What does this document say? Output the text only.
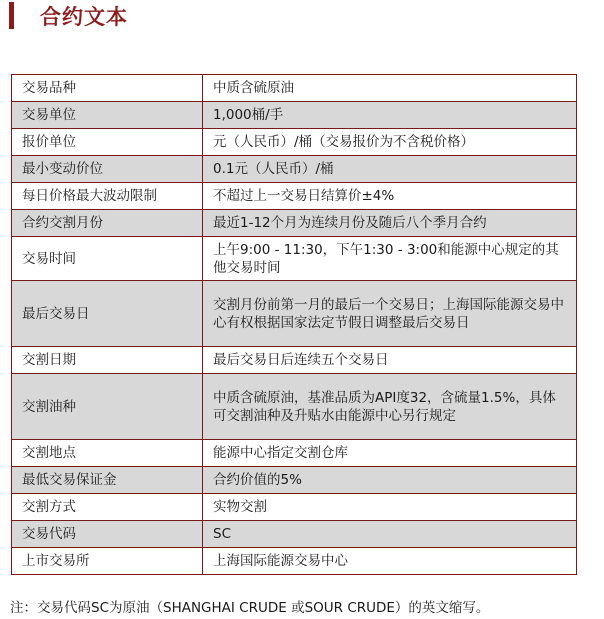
合约文本
交易品种	中质含硫原油
交易单位	1,000桶/手
报价单位	元（人民币）/桶（交易报价为不含税价格）
最小变动价位	0.1元（人民币）/桶
每日价格最大波动限制	不超过上一交易日结算价±4%
合约交割月份	最近1-12个月为连续月份及随后八个季月合约
交易时间	上午9:00 - 11:30，下午1:30 - 3:00和能源中心规定的其他交易时间
最后交易日	交割月份前第一月的最后一个交易日；上海国际能源交易中心有权根据国家法定节假日调整最后交易日
交割日期	最后交易日后连续五个交易日
交割油种	中质含硫原油，基准品质为API度32，含硫量1.5%，具体可交割油种及升贴水由能源中心另行规定
交割地点	能源中心指定交割仓库
最低交易保证金	合约价值的5%
交割方式	实物交割
交易代码	SC
上市交易所	上海国际能源交易中心

注：交易代码SC为原油（SHANGHAI CRUDE 或SOUR CRUDE）的英文缩写。
